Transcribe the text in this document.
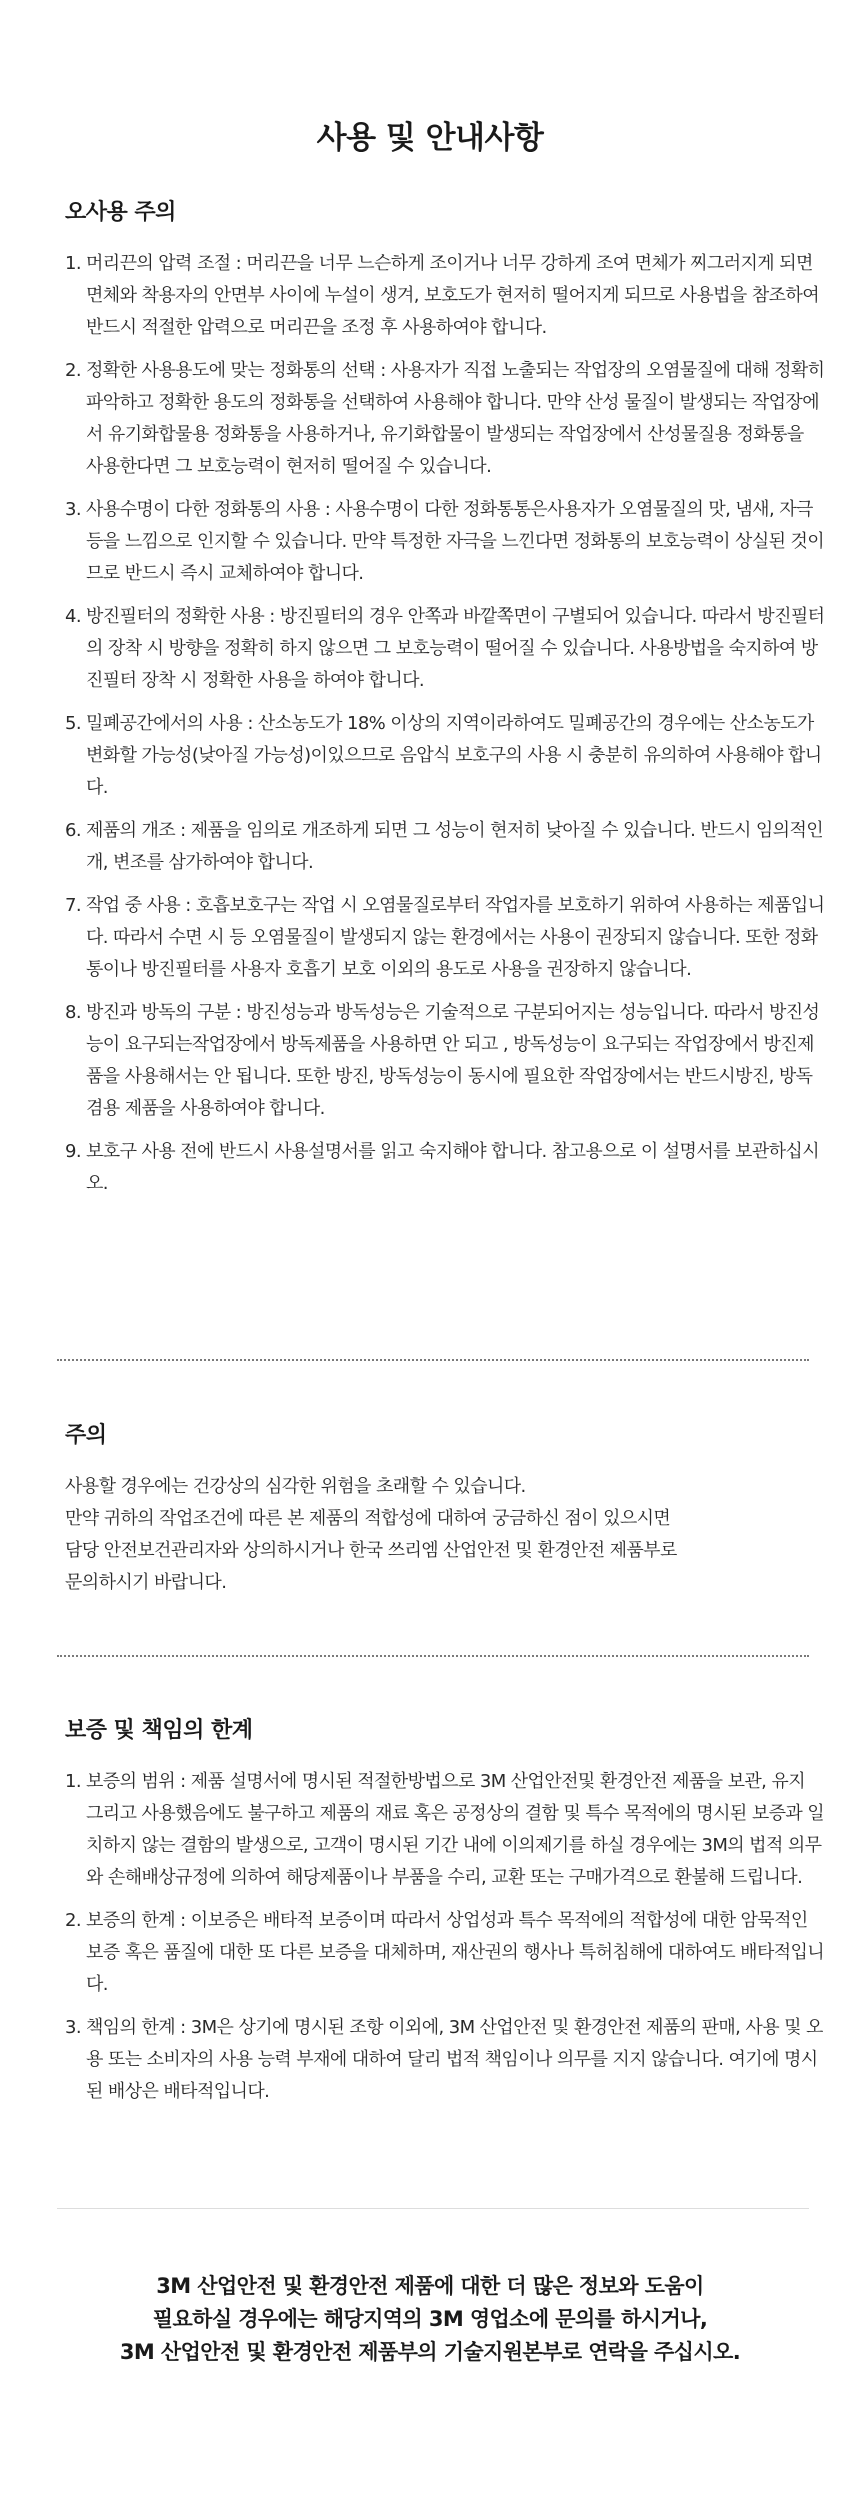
사용 및 안내사항
오사용 주의
1. 머리끈의 압력 조절 : 머리끈을 너무 느슨하게 조이거나 너무 강하게 조여 면체가 찌그러지게 되면 면체와 착용자의 안면부 사이에 누설이 생겨, 보호도가 현저히 떨어지게 되므로 사용법을 참조하여 반드시 적절한 압력으로 머리끈을 조정 후 사용하여야 합니다.
2. 정확한 사용용도에 맞는 정화통의 선택 : 사용자가 직접 노출되는 작업장의 오염물질에 대해 정확히 파악하고 정확한 용도의 정화통을 선택하여 사용해야 합니다. 만약 산성 물질이 발생되는 작업장에서 유기화합물용 정화통을 사용하거나, 유기화합물이 발생되는 작업장에서 산성물질용 정화통을 사용한다면 그 보호능력이 현저히 떨어질 수 있습니다.
3. 사용수명이 다한 정화통의 사용 : 사용수명이 다한 정화통통은사용자가 오염물질의 맛, 냄새, 자극 등을 느낌으로 인지할 수 있습니다. 만약 특정한 자극을 느낀다면 정화통의 보호능력이 상실된 것이므로 반드시 즉시 교체하여야 합니다.
4. 방진필터의 정확한 사용 : 방진필터의 경우 안쪽과 바깥쪽면이 구별되어 있습니다. 따라서 방진필터의 장착 시 방향을 정확히 하지 않으면 그 보호능력이 떨어질 수 있습니다. 사용방법을 숙지하여 방진필터 장착 시 정확한 사용을 하여야 합니다.
5. 밀폐공간에서의 사용 : 산소농도가 18% 이상의 지역이라하여도 밀폐공간의 경우에는 산소농도가 변화할 가능성(낮아질 가능성)이있으므로 음압식 보호구의 사용 시 충분히 유의하여 사용해야 합니다.
6. 제품의 개조 : 제품을 임의로 개조하게 되면 그 성능이 현저히 낮아질 수 있습니다. 반드시 임의적인 개, 변조를 삼가하여야 합니다.
7. 작업 중 사용 : 호흡보호구는 작업 시 오염물질로부터 작업자를 보호하기 위하여 사용하는 제품입니다. 따라서 수면 시 등 오염물질이 발생되지 않는 환경에서는 사용이 권장되지 않습니다. 또한 정화통이나 방진필터를 사용자 호흡기 보호 이외의 용도로 사용을 권장하지 않습니다.
8. 방진과 방독의 구분 : 방진성능과 방독성능은 기술적으로 구분되어지는 성능입니다. 따라서 방진성능이 요구되는작업장에서 방독제품을 사용하면 안 되고 , 방독성능이 요구되는 작업장에서 방진제품을 사용해서는 안 됩니다. 또한 방진, 방독성능이 동시에 필요한 작업장에서는 반드시방진, 방독 겸용 제품을 사용하여야 합니다.
9. 보호구 사용 전에 반드시 사용설명서를 읽고 숙지해야 합니다. 참고용으로 이 설명서를 보관하십시오.
주의
사용할 경우에는 건강상의 심각한 위험을 초래할 수 있습니다.
만약 귀하의 작업조건에 따른 본 제품의 적합성에 대하여 궁금하신 점이 있으시면
담당 안전보건관리자와 상의하시거나 한국 쓰리엠 산업안전 및 환경안전 제품부로
문의하시기 바랍니다.
보증 및 책임의 한계
1. 보증의 범위 : 제품 설명서에 명시된 적절한방법으로 3M 산업안전및 환경안전 제품을 보관, 유지 그리고 사용했음에도 불구하고 제품의 재료 혹은 공정상의 결함 및 특수 목적에의 명시된 보증과 일치하지 않는 결함의 발생으로, 고객이 명시된 기간 내에 이의제기를 하실 경우에는 3M의 법적 의무와 손해배상규정에 의하여 해당제품이나 부품을 수리, 교환 또는 구매가격으로 환불해 드립니다.
2. 보증의 한계 : 이보증은 배타적 보증이며 따라서 상업성과 특수 목적에의 적합성에 대한 암묵적인 보증 혹은 품질에 대한 또 다른 보증을 대체하며, 재산권의 행사나 특허침해에 대하여도 배타적입니다.
3. 책임의 한계 : 3M은 상기에 명시된 조항 이외에, 3M 산업안전 및 환경안전 제품의 판매, 사용 및 오용 또는 소비자의 사용 능력 부재에 대하여 달리 법적 책임이나 의무를 지지 않습니다. 여기에 명시된 배상은 배타적입니다.
3M 산업안전 및 환경안전 제품에 대한 더 많은 정보와 도움이
필요하실 경우에는 해당지역의 3M 영업소에 문의를 하시거나,
3M 산업안전 및 환경안전 제품부의 기술지원본부로 연락을 주십시오.
